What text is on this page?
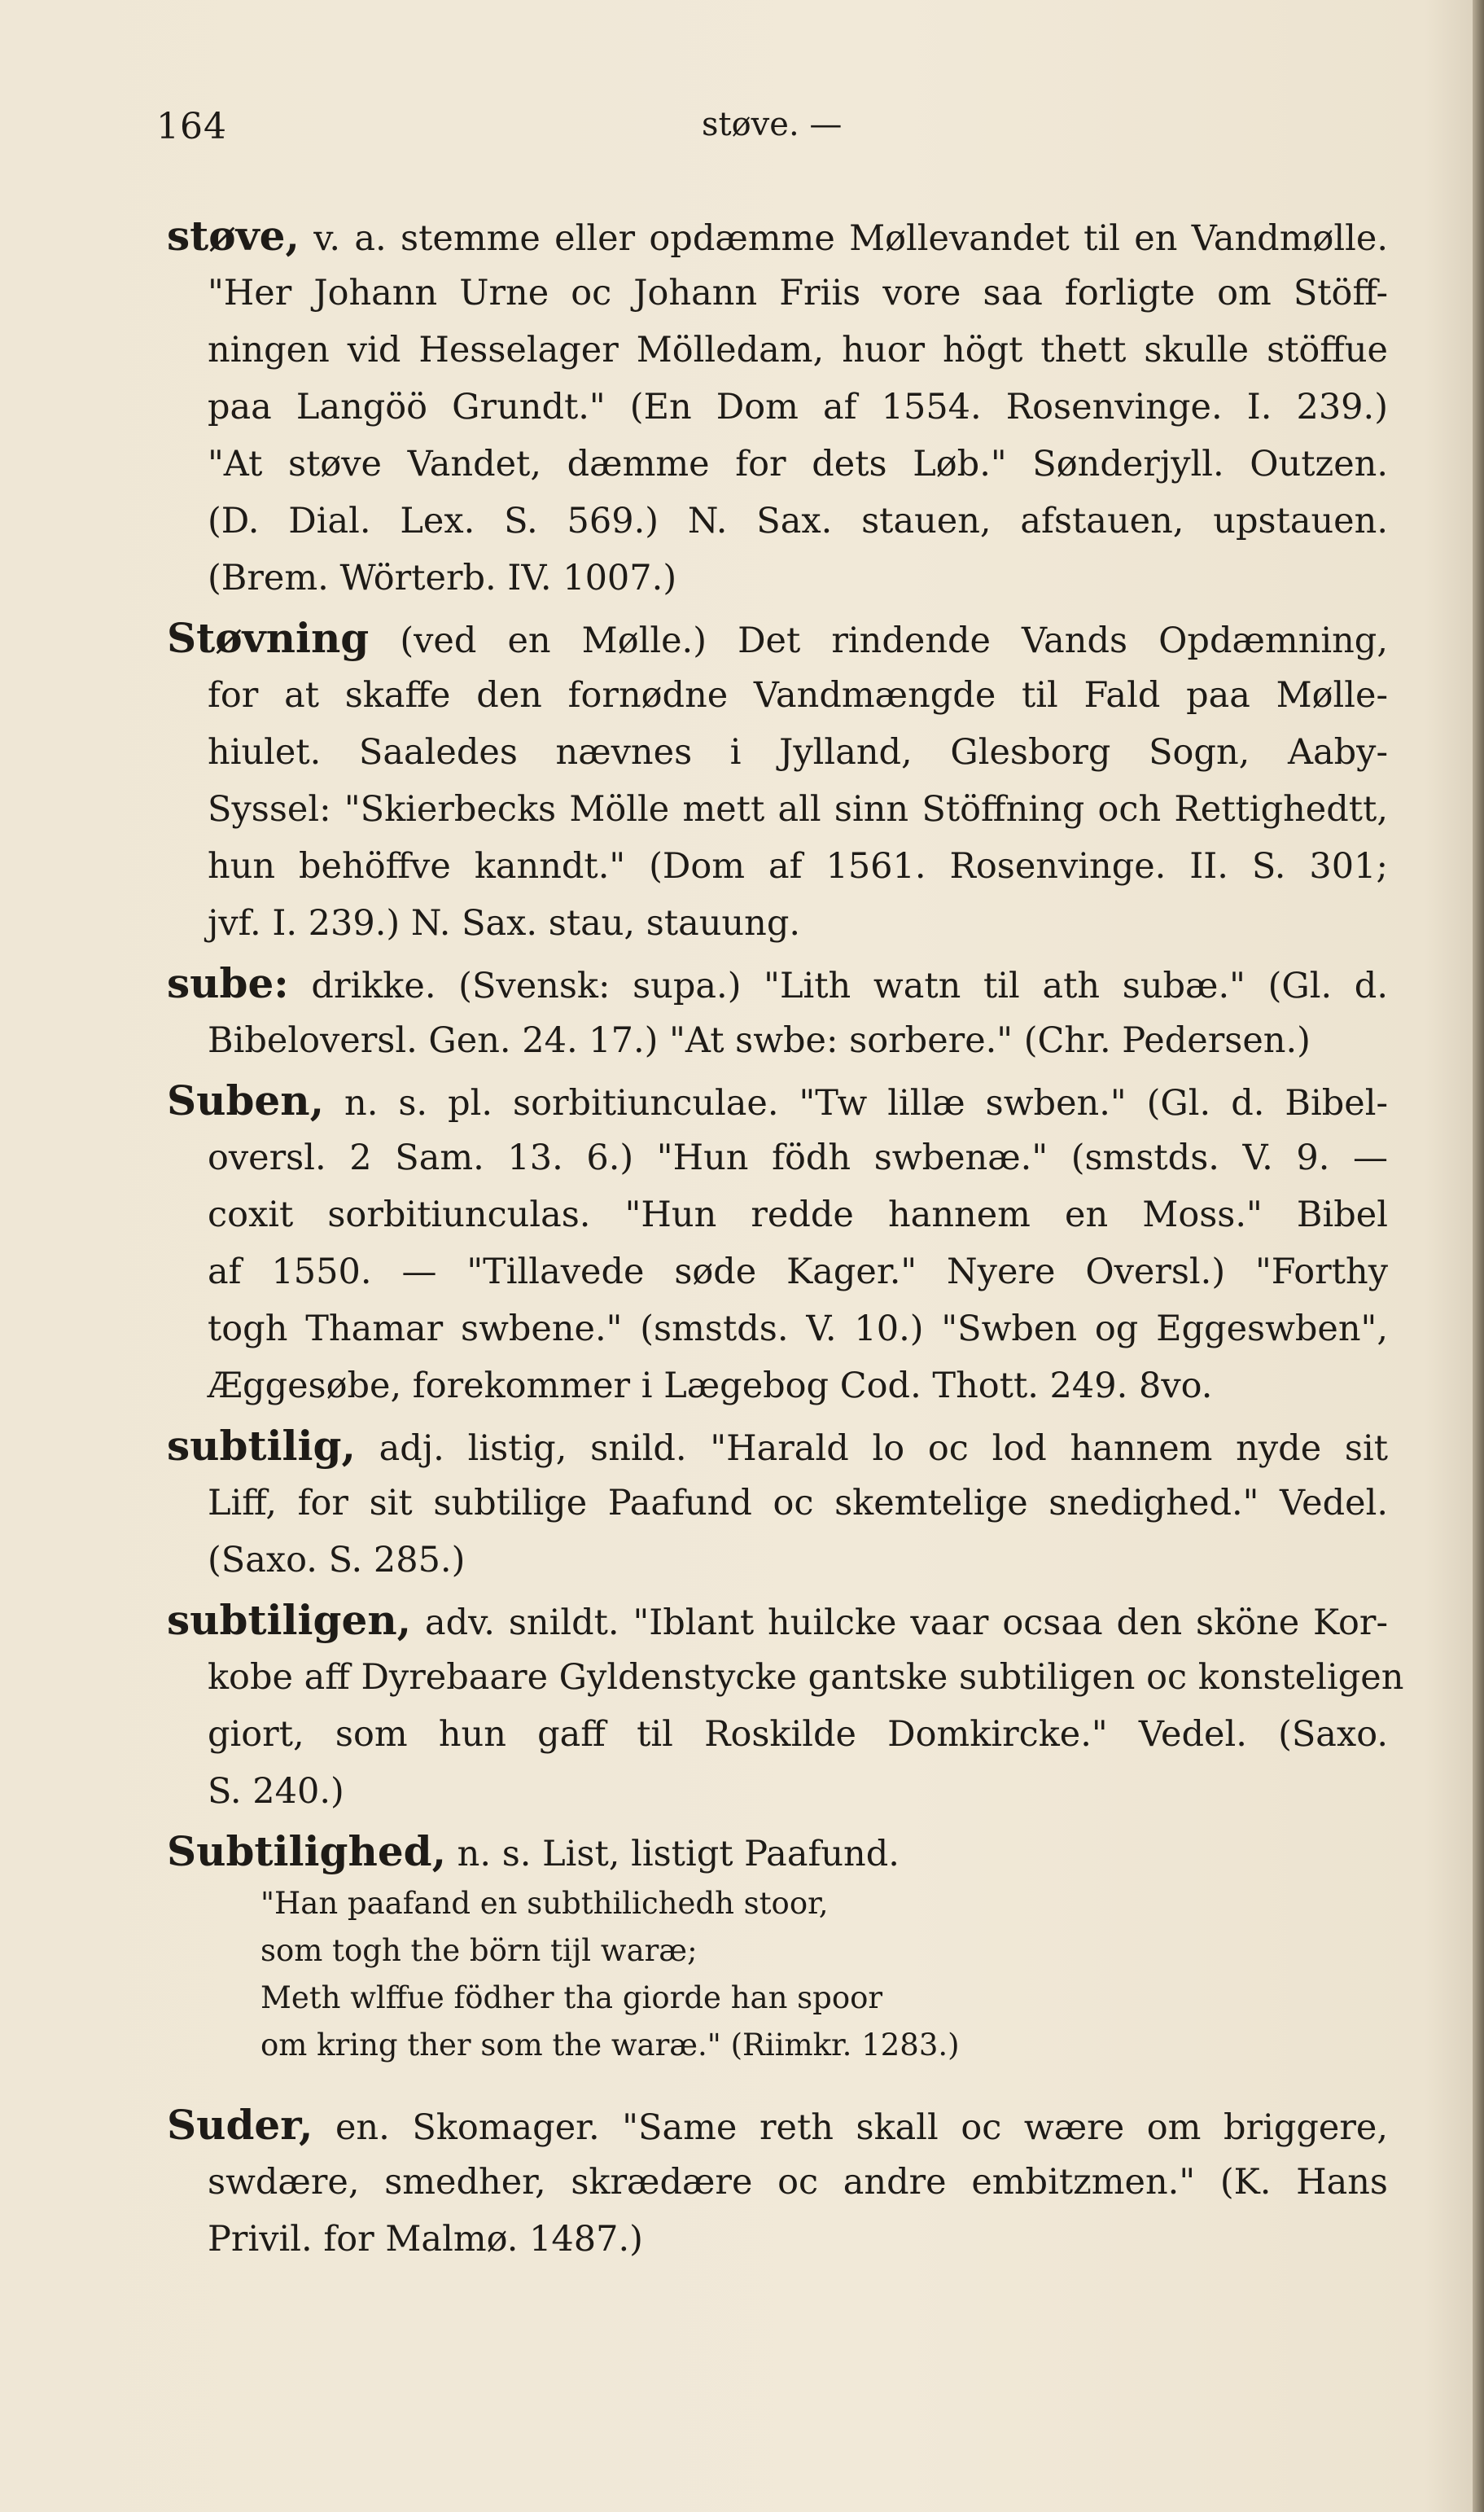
164	støve. —
støve, v. a. stemme eller opdæmme Møllevandet til en Vandmølle.
"Her Johann Urne oc Johann Friis vore saa forligte om Stöff-
ningen vid Hesselager Mölledam, huor högt thett skulle stöffue
paa Langöö Grundt." (En Dom af 1554. Rosenvinge. I. 239.)
"At støve Vandet, dæmme for dets Løb." Sønderjyll. Outzen.
(D. Dial. Lex. S. 569.) N. Sax. stauen, afstauen, upstauen.
(Brem. Wörterb. IV. 1007.)
Støvning (ved en Mølle.) Det rindende Vands Opdæmning,
for at skaffe den fornødne Vandmængde til Fald paa Mølle-
hiulet. Saaledes nævnes i Jylland, Glesborg Sogn, Aaby-
Syssel: "Skierbecks Mölle mett all sinn Stöffning och Rettighedtt,
hun behöffve kanndt." (Dom af 1561. Rosenvinge. II. S. 301;
jvf. I. 239.) N. Sax. stau, stauung.
sube: drikke. (Svensk: supa.) "Lith watn til ath subæ." (Gl. d.
Bibeloversl. Gen. 24. 17.) "At swbe: sorbere." (Chr. Pedersen.)
Suben, n. s. pl. sorbitiunculae. "Tw lillæ swben." (Gl. d. Bibel-
oversl. 2 Sam. 13. 6.) "Hun födh swbenæ." (smstds. V. 9. —
coxit sorbitiunculas. "Hun redde hannem en Moss." Bibel
af 1550. — "Tillavede søde Kager." Nyere Oversl.) "Forthy
togh Thamar swbene." (smstds. V. 10.) "Swben og Eggeswben",
Æggesøbe, forekommer i Lægebog Cod. Thott. 249. 8vo.
subtilig, adj. listig, snild. "Harald lo oc lod hannem nyde sit
Liff, for sit subtilige Paafund oc skemtelige snedighed." Vedel.
(Saxo. S. 285.)
subtiligen, adv. snildt. "Iblant huilcke vaar ocsaa den sköne Kor-
kobe aff Dyrebaare Gyldenstycke gantske subtiligen oc konsteligen
giort, som hun gaff til Roskilde Domkircke." Vedel. (Saxo.
S. 240.)
Subtilighed, n. s. List, listigt Paafund.
"Han paafand en subthilichedh stoor,
som togh the börn tijl waræ;
Meth wlffue födher tha giorde han spoor
om kring ther som the waræ." (Riimkr. 1283.)
Suder, en. Skomager. "Same reth skall oc wære om briggere,
swdære, smedher, skrædære oc andre embitzmen." (K. Hans
Privil. for Malmø. 1487.)
